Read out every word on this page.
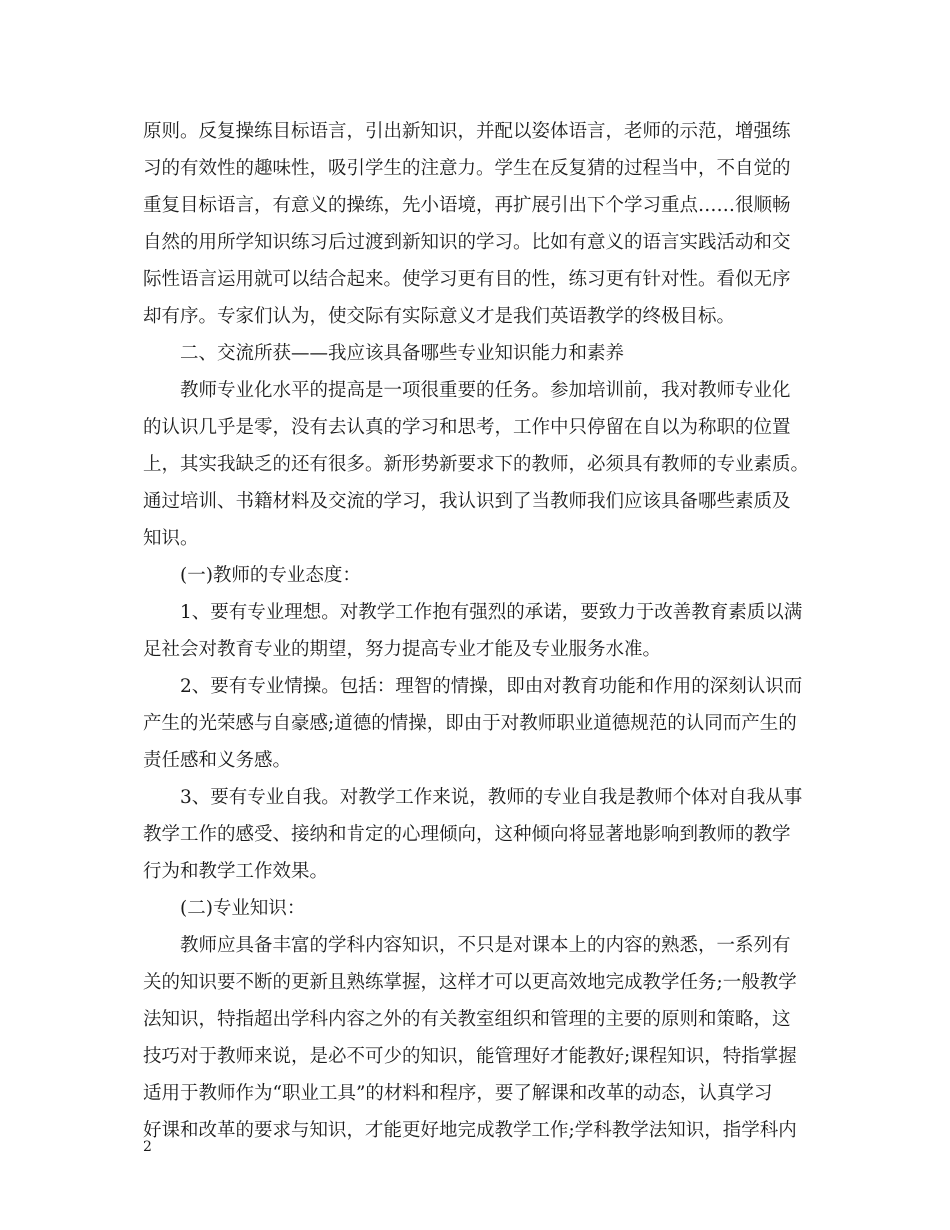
原则。反复操练目标语言，引出新知识，并配以姿体语言，老师的示范，增强练
习的有效性的趣味性，吸引学生的注意力。学生在反复猜的过程当中，不自觉的
重复目标语言，有意义的操练，先小语境，再扩展引出下个学习重点……很顺畅
自然的用所学知识练习后过渡到新知识的学习。比如有意义的语言实践活动和交
际性语言运用就可以结合起来。使学习更有目的性，练习更有针对性。看似无序
却有序。专家们认为，使交际有实际意义才是我们英语教学的终极目标。
二、交流所获——我应该具备哪些专业知识能力和素养
教师专业化水平的提高是一项很重要的任务。参加培训前，我对教师专业化
的认识几乎是零，没有去认真的学习和思考，工作中只停留在自以为称职的位置
上，其实我缺乏的还有很多。新形势新要求下的教师，必须具有教师的专业素质。
通过培训、书籍材料及交流的学习，我认识到了当教师我们应该具备哪些素质及
知识。
(一)教师的专业态度：
1、要有专业理想。对教学工作抱有强烈的承诺，要致力于改善教育素质以满
足社会对教育专业的期望，努力提高专业才能及专业服务水准。
2、要有专业情操。包括：理智的情操，即由对教育功能和作用的深刻认识而
产生的光荣感与自豪感;道德的情操，即由于对教师职业道德规范的认同而产生的
责任感和义务感。
3、要有专业自我。对教学工作来说，教师的专业自我是教师个体对自我从事
教学工作的感受、接纳和肯定的心理倾向，这种倾向将显著地影响到教师的教学
行为和教学工作效果。
(二)专业知识：
教师应具备丰富的学科内容知识，不只是对课本上的内容的熟悉，一系列有
关的知识要不断的更新且熟练掌握，这样才可以更高效地完成教学任务;一般教学
法知识，特指超出学科内容之外的有关教室组织和管理的主要的原则和策略，这
技巧对于教师来说，是必不可少的知识，能管理好才能教好;课程知识，特指掌握
适用于教师作为“职业工具”的材料和程序，要了解课和改革的动态，认真学习
好课和改革的要求与知识，才能更好地完成教学工作;学科教学法知识，指学科内
2
